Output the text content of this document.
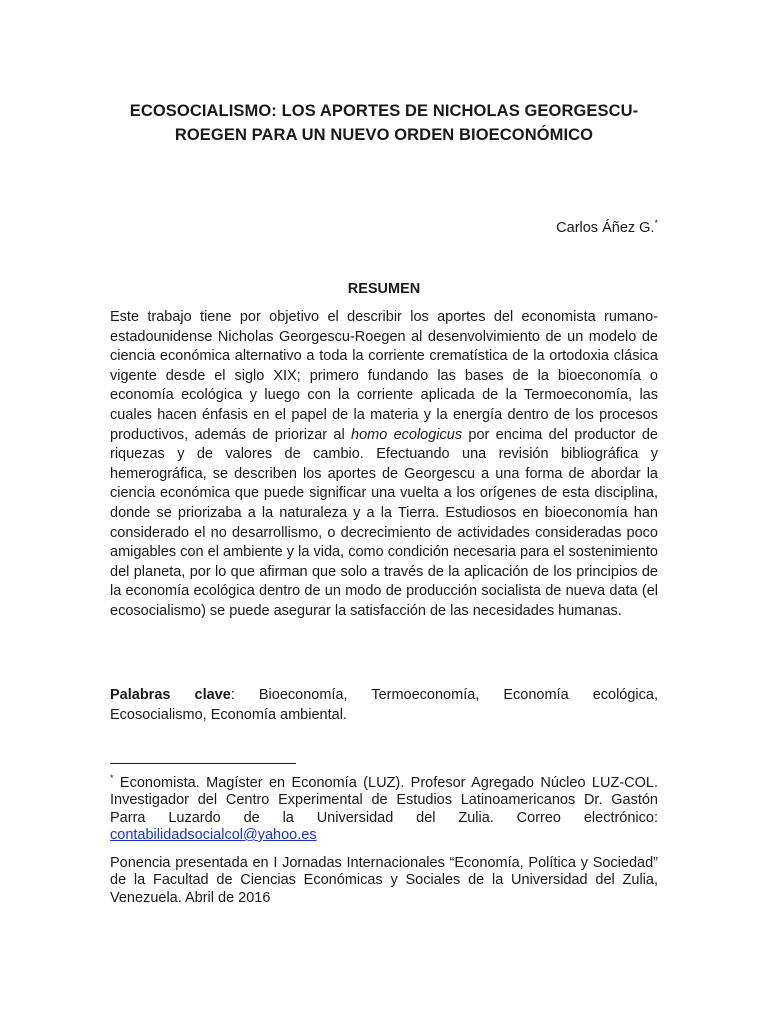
ECOSOCIALISMO: LOS APORTES DE NICHOLAS GEORGESCU-ROEGEN PARA UN NUEVO ORDEN BIOECONÓMICO
Carlos Áñez G.*
RESUMEN

Este trabajo tiene por objetivo el describir los aportes del economista rumano-estadounidense Nicholas Georgescu-Roegen al desenvolvimiento de un modelo de ciencia económica alternativo a toda la corriente crematística de la ortodoxia clásica vigente desde el siglo XIX; primero fundando las bases de la bioeconomía o economía ecológica y luego con la corriente aplicada de la Termoeconomía, las cuales hacen énfasis en el papel de la materia y la energía dentro de los procesos productivos, además de priorizar al homo ecologicus por encima del productor de riquezas y de valores de cambio. Efectuando una revisión bibliográfica y hemerográfica, se describen los aportes de Georgescu a una forma de abordar la ciencia económica que puede significar una vuelta a los orígenes de esta disciplina, donde se priorizaba a la naturaleza y a la Tierra. Estudiosos en bioeconomía han considerado el no desarrollismo, o decrecimiento de actividades consideradas poco amigables con el ambiente y la vida, como condición necesaria para el sostenimiento del planeta, por lo que afirman que solo a través de la aplicación de los principios de la economía ecológica dentro de un modo de producción socialista de nueva data (el ecosocialismo) se puede asegurar la satisfacción de las necesidades humanas.

Palabras clave: Bioeconomía, Termoeconomía, Economía ecológica, Ecosocialismo, Economía ambiental.

* Economista. Magíster en Economía (LUZ). Profesor Agregado Núcleo LUZ-COL. Investigador del Centro Experimental de Estudios Latinoamericanos Dr. Gastón Parra Luzardo de la Universidad del Zulia. Correo electrónico: contabilidadsocialcol@yahoo.es

Ponencia presentada en I Jornadas Internacionales “Economía, Política y Sociedad” de la Facultad de Ciencias Económicas y Sociales de la Universidad del Zulia, Venezuela. Abril de 2016
